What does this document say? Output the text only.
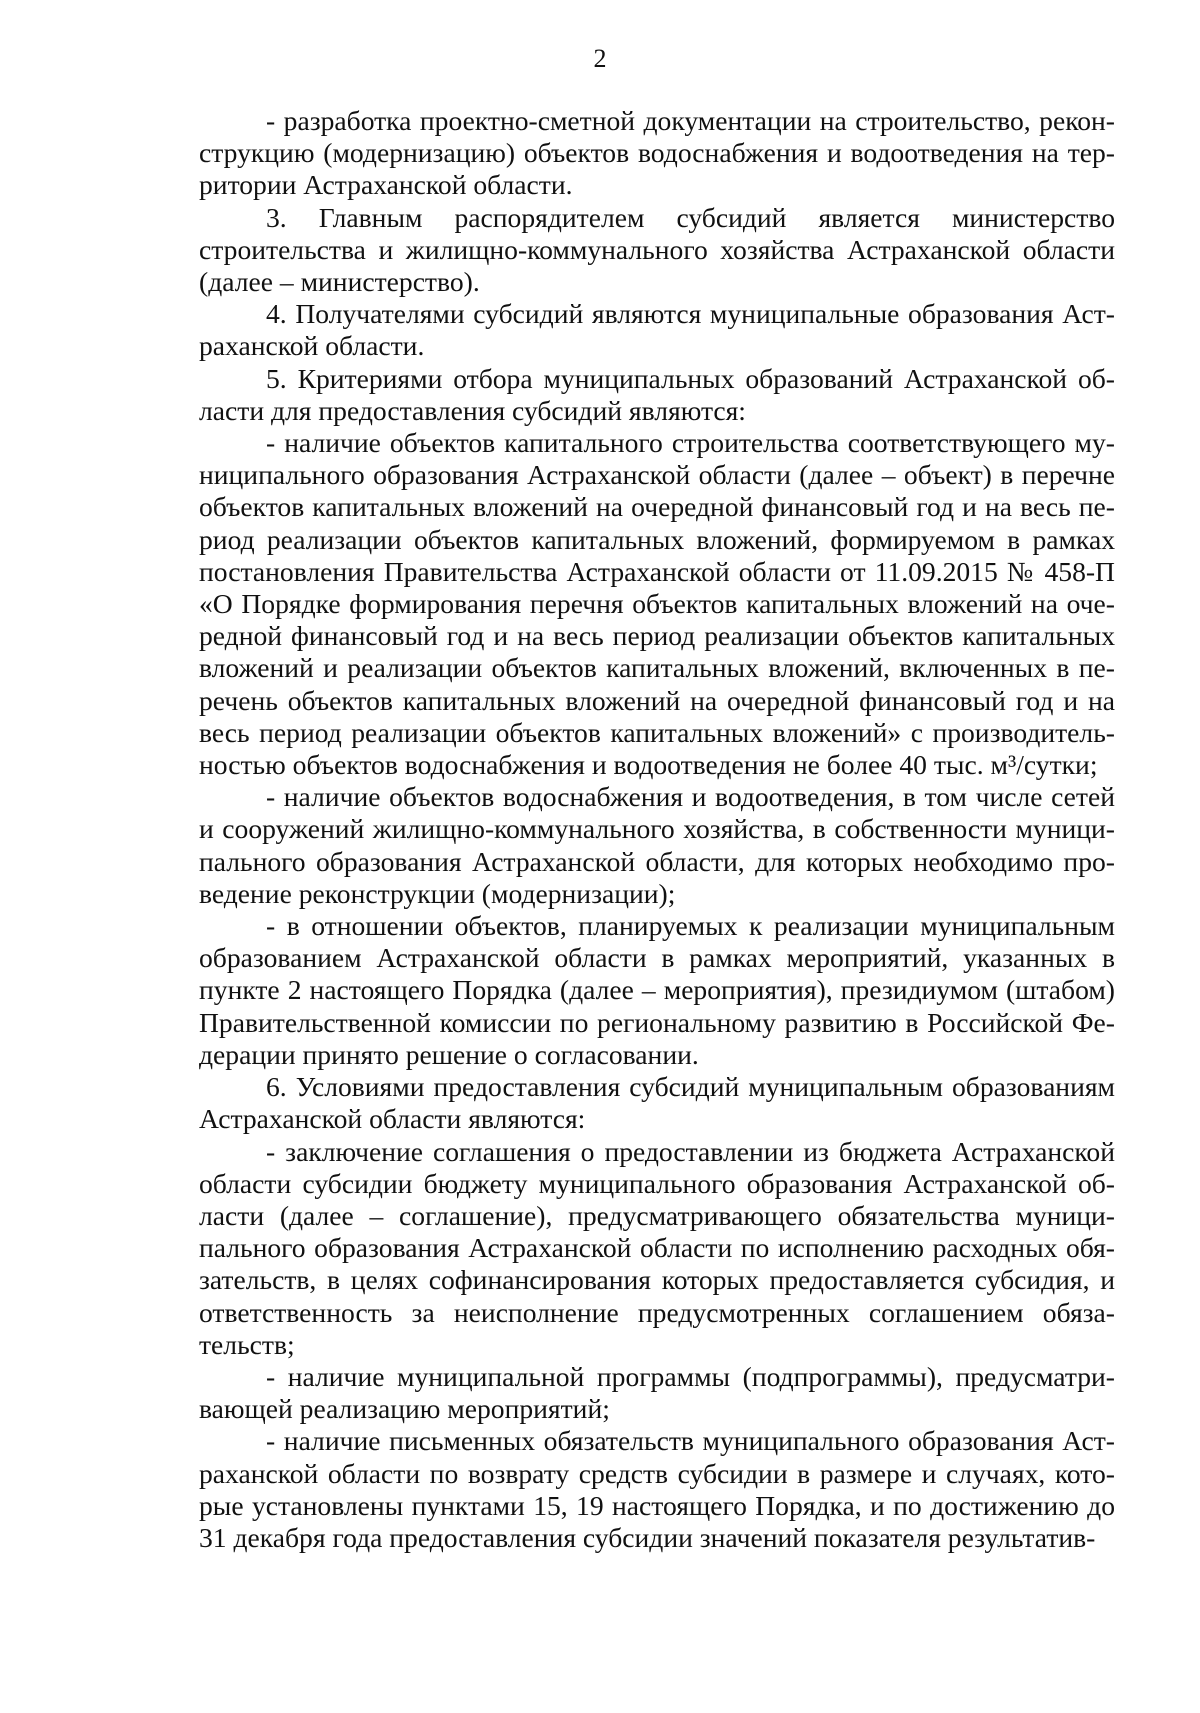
2

- разработка проектно-сметной документации на строительство, реконструкцию (модернизацию) объектов водоснабжения и водоотведения на территории Астраханской области.

3. Главным распорядителем субсидий является министерство строительства и жилищно-коммунального хозяйства Астраханской области (далее – министерство).

4. Получателями субсидий являются муниципальные образования Астраханской области.

5. Критериями отбора муниципальных образований Астраханской области для предоставления субсидий являются:

- наличие объектов капитального строительства соответствующего муниципального образования Астраханской области (далее – объект) в перечне объектов капитальных вложений на очередной финансовый год и на весь период реализации объектов капитальных вложений, формируемом в рамках постановления Правительства Астраханской области от 11.09.2015 № 458-П «О Порядке формирования перечня объектов капитальных вложений на очередной финансовый год и на весь период реализации объектов капитальных вложений и реализации объектов капитальных вложений, включенных в перечень объектов капитальных вложений на очередной финансовый год и на весь период реализации объектов капитальных вложений» с производительностью объектов водоснабжения и водоотведения не более 40 тыс. м³/сутки;

- наличие объектов водоснабжения и водоотведения, в том числе сетей и сооружений жилищно-коммунального хозяйства, в собственности муниципального образования Астраханской области, для которых необходимо проведение реконструкции (модернизации);

- в отношении объектов, планируемых к реализации муниципальным образованием Астраханской области в рамках мероприятий, указанных в пункте 2 настоящего Порядка (далее – мероприятия), президиумом (штабом) Правительственной комиссии по региональному развитию в Российской Федерации принято решение о согласовании.

6. Условиями предоставления субсидий муниципальным образованиям Астраханской области являются:

- заключение соглашения о предоставлении из бюджета Астраханской области субсидии бюджету муниципального образования Астраханской области (далее – соглашение), предусматривающего обязательства муниципального образования Астраханской области по исполнению расходных обязательств, в целях софинансирования которых предоставляется субсидия, и ответственность за неисполнение предусмотренных соглашением обязательств;

- наличие муниципальной программы (подпрограммы), предусматривающей реализацию мероприятий;

- наличие письменных обязательств муниципального образования Астраханской области по возврату средств субсидии в размере и случаях, которые установлены пунктами 15, 19 настоящего Порядка, и по достижению до 31 декабря года предоставления субсидии значений показателя результатив-
